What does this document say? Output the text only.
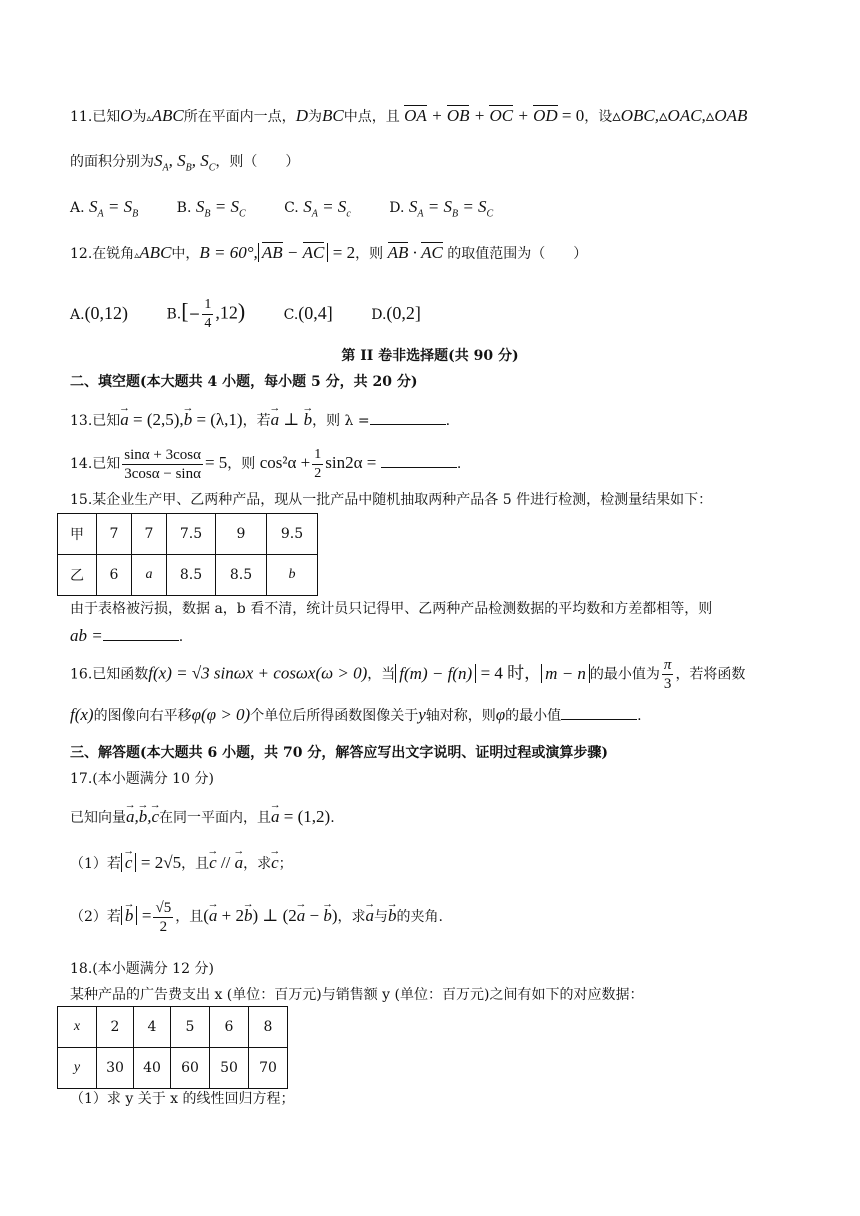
11.已知O为▵ABC所在平面内一点，D为BC中点，且 OA + OB + OC + OD = 0，设▵OBC,▵OAC,▵OAB
的面积分别为$S_A$, $S_B$, $S_C$，则（　　）
A. $S_A = S_B$	B. $S_B = S_C$	C. $S_A = S_c$	D. $S_A = S_B = S_C$
12.在锐角▵ABC中，B = 60°, AB − AC = 2，则 AB · AC 的取值范围为（　　）
A.(0,12)	$B.[- \frac{1}{4} ,12)$	C.(0,4]	D.(0,2]
第 II 卷非选择题(共 90 分)
二、填空题(本大题共 4 小题，每小题 5 分，共 20 分)
13.已知→ a = (2,5),→ b = (λ,1)，若→ a ⊥ → b，则 λ =	.
14.已知 $\frac{\sin\alpha + 3\cos\alpha}{3\cos\alpha - \sin\alpha} = 5$，则 $\cos^2\alpha + \frac{1}{2} \sin 2\alpha$ =	.
15.某企业生产甲、乙两种产品，现从一批产品中随机抽取两种产品各 5 件进行检测，检测量结果如下：
甲	7	7	7.5	9	9.5
乙	6	a	8.5	8.5	b
由于表格被污损，数据 a，b 看不清，统计员只记得甲、乙两种产品检测数据的平均数和方差都相等，则
ab =	.
16.已知函数f(x) = √3 sinωx + cosωx(ω > 0)，当 f(m) − f(n) = 4 时， m − n 的最小值为 $\frac{\pi}{3}$ ，若将函数
f(x)的图像向右平移φ(φ > 0)个单位后所得函数图像关于y轴对称，则φ的最小值	.
三、解答题(本大题共 6 小题，共 70 分，解答应写出文字说明、证明过程或演算步骤)
17.(本小题满分 10 分)
已知向量→ a,→ b,→ c在同一平面内，且→ a = (1,2).
（1）若 → c = 2√5，且→ c // → a，求→ c；
（2）若 → $b = \frac{√5}{2}$ ，且(→ a + 2→ b) ⊥ (2→ a − → b)，求→ a与→ b的夹角.
18.(本小题满分 12 分)
某种产品的广告费支出 x (单位：百万元)与销售额 y (单位：百万元)之间有如下的对应数据：
x	2	4	5	6	8
y	30	40	60	50	70
（1）求 y 关于 x 的线性回归方程；
